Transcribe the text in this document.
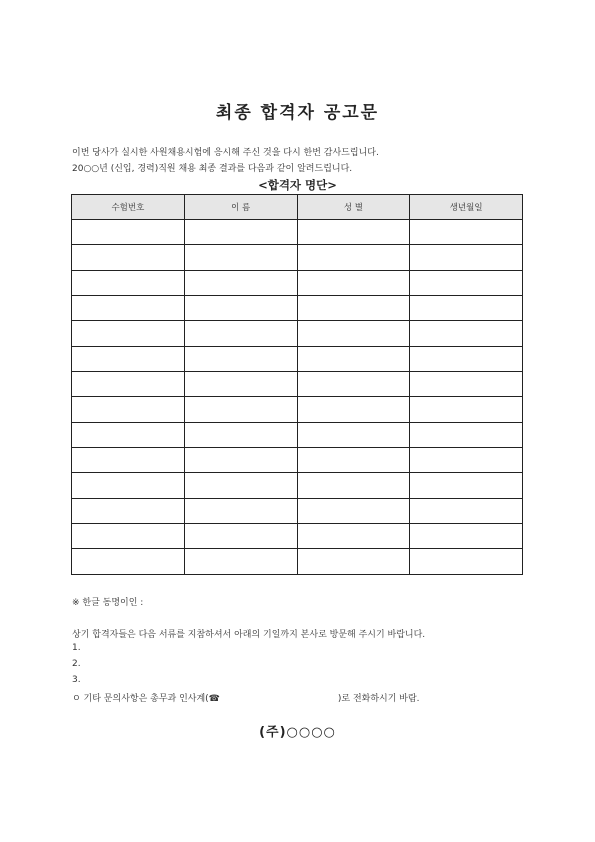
최종 합격자 공고문
이번 당사가 실시한 사원채용시험에 응시해 주신 것을 다시 한번 감사드립니다.
20○○년 (신입, 경력)직원 채용 최종 결과를 다음과 같이 알려드립니다.
<합격자 명단>
수험번호	이 름	성 별	생년월일

※ 한글 동명이인 :
상기 합격자들은 다음 서류를 지참하셔서 아래의 기일까지 본사로 방문해 주시기 바랍니다.
1.
2.
3.
ㅇ 기타 문의사항은 총무과 인사계(☎	)로 전화하시기 바람.
(주)○○○○
